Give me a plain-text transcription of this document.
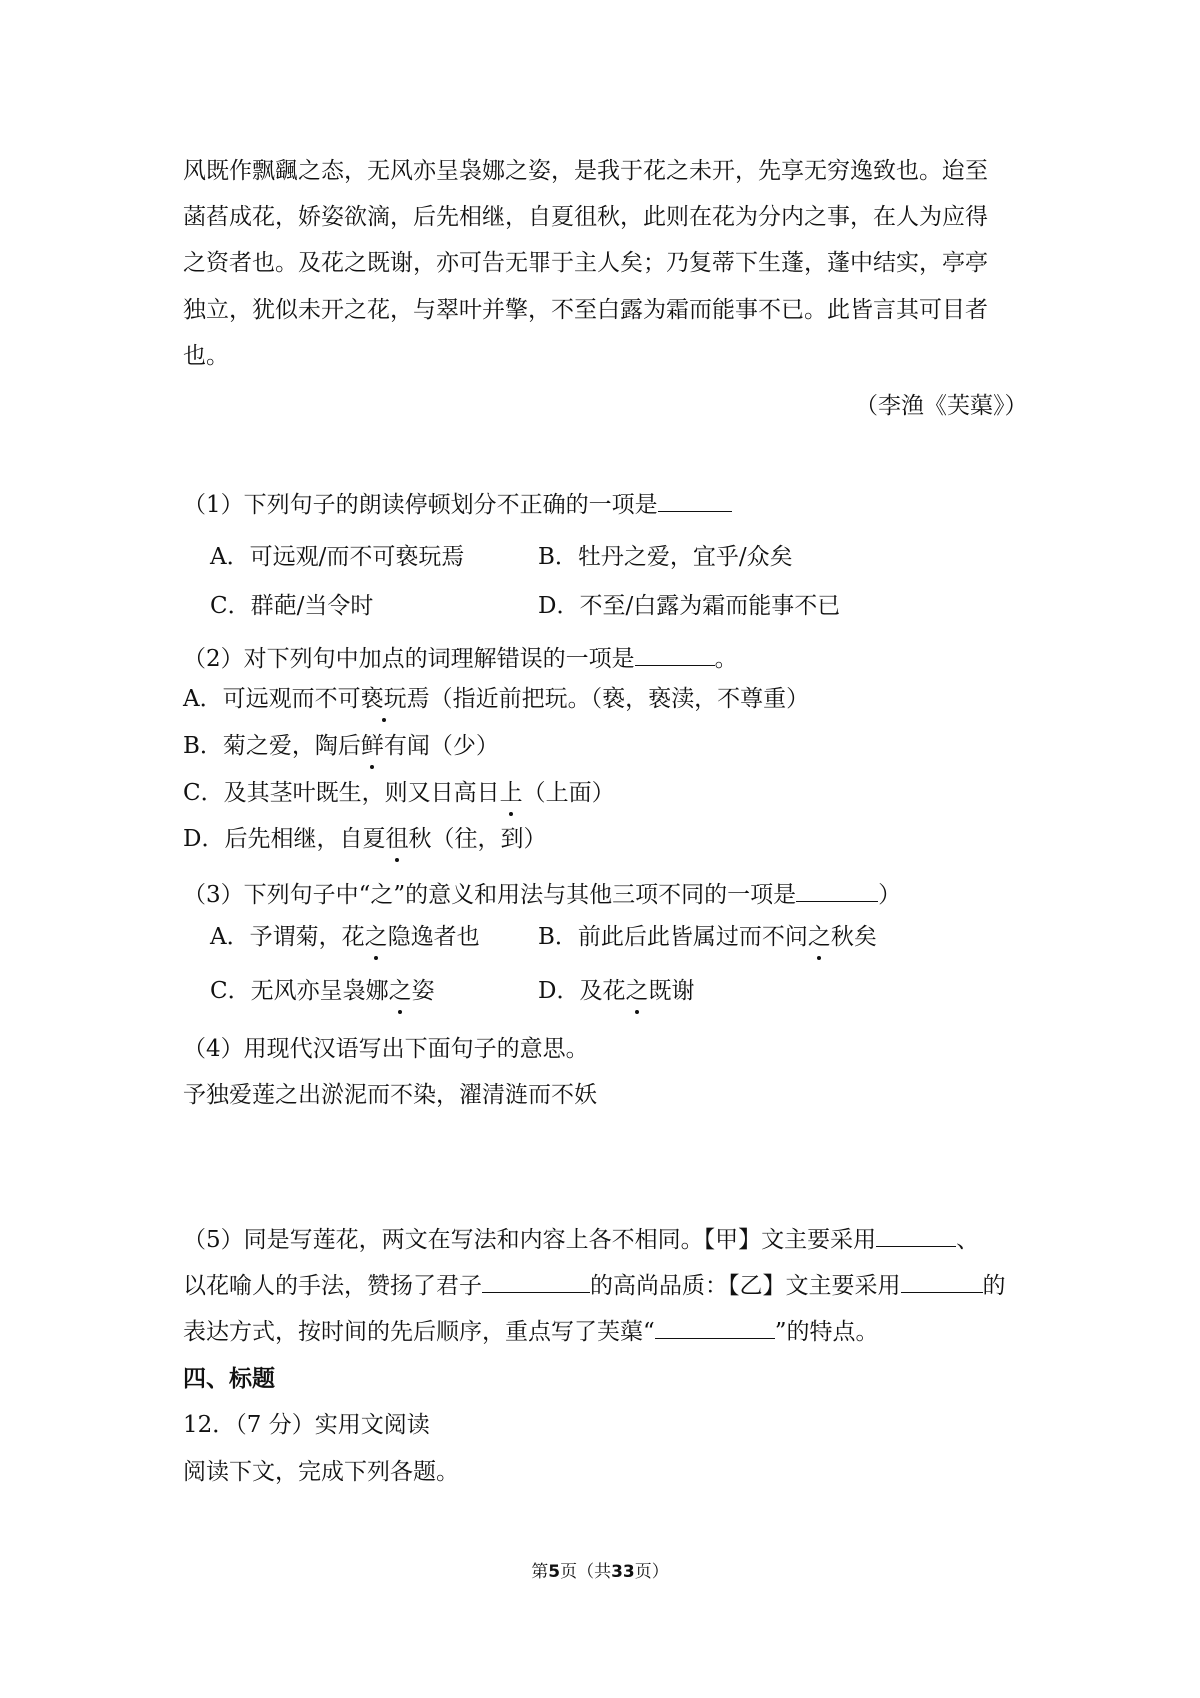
风既作飘颻之态，无风亦呈袅娜之姿，是我于花之未开，先享无穷逸致也。迨至
菡萏成花，娇姿欲滴，后先相继，自夏徂秋，此则在花为分内之事，在人为应得
之资者也。及花之既谢，亦可告无罪于主人矣；乃复蒂下生蓬，蓬中结实，亭亭
独立，犹似未开之花，与翠叶并擎，不至白露为霜而能事不已。此皆言其可目者
也。
（李渔《芙蕖》）
（1）下列句子的朗读停顿划分不正确的一项是
A．可远观/而不可亵玩焉	B．牡丹之爱，宜乎/众矣
C．群葩/当令时	D．不至/白露为霜而能事不已
（2）对下列句中加点的词理解错误的一项是	。
A．可远观而不可亵玩焉（指近前把玩。（亵，亵渎，不尊重）
B．菊之爱，陶后鲜有闻（少）
C．及其茎叶既生，则又日高日上（上面）
D．后先相继，自夏徂秋（往，到）
（3）下列句子中“之”的意义和用法与其他三项不同的一项是	）
A．予谓菊，花之隐逸者也	B．前此后此皆属过而不问之秋矣
C．无风亦呈袅娜之姿	D．及花之既谢
（4）用现代汉语写出下面句子的意思。
予独爱莲之出淤泥而不染，濯清涟而不妖
（5）同是写莲花，两文在写法和内容上各不相同。【甲】文主要采用	、
以花喻人的手法，赞扬了君子	的高尚品质：【乙】文主要采用	的
表达方式，按时间的先后顺序，重点写了芙蕖“	”的特点。
四、标题
12．（7 分）实用文阅读
阅读下文，完成下列各题。
第5页（共33页）
